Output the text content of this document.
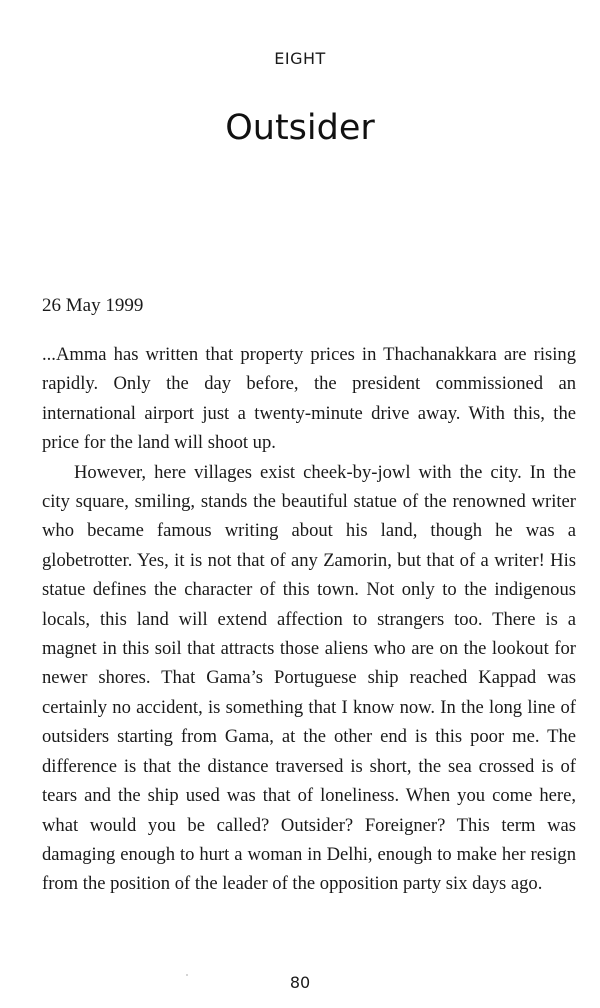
EIGHT
Outsider
26 May 1999

...Amma has written that property prices in Thachanakkara are rising rapidly. Only the day before, the president commissioned an international airport just a twenty-minute drive away. With this, the price for the land will shoot up.

However, here villages exist cheek-by-jowl with the city. In the city square, smiling, stands the beautiful statue of the renowned writer who became famous writing about his land, though he was a globetrotter. Yes, it is not that of any Zamorin, but that of a writer! His statue defines the character of this town. Not only to the indigenous locals, this land will extend affection to strangers too. There is a magnet in this soil that attracts those aliens who are on the lookout for newer shores. That Gama’s Portuguese ship reached Kappad was certainly no accident, is something that I know now. In the long line of outsiders starting from Gama, at the other end is this poor me. The difference is that the distance traversed is short, the sea crossed is of tears and the ship used was that of loneliness. When you come here, what would you be called? Outsider? Foreigner? This term was damaging enough to hurt a woman in Delhi, enough to make her resign from the position of the leader of the opposition party six days ago.

80
